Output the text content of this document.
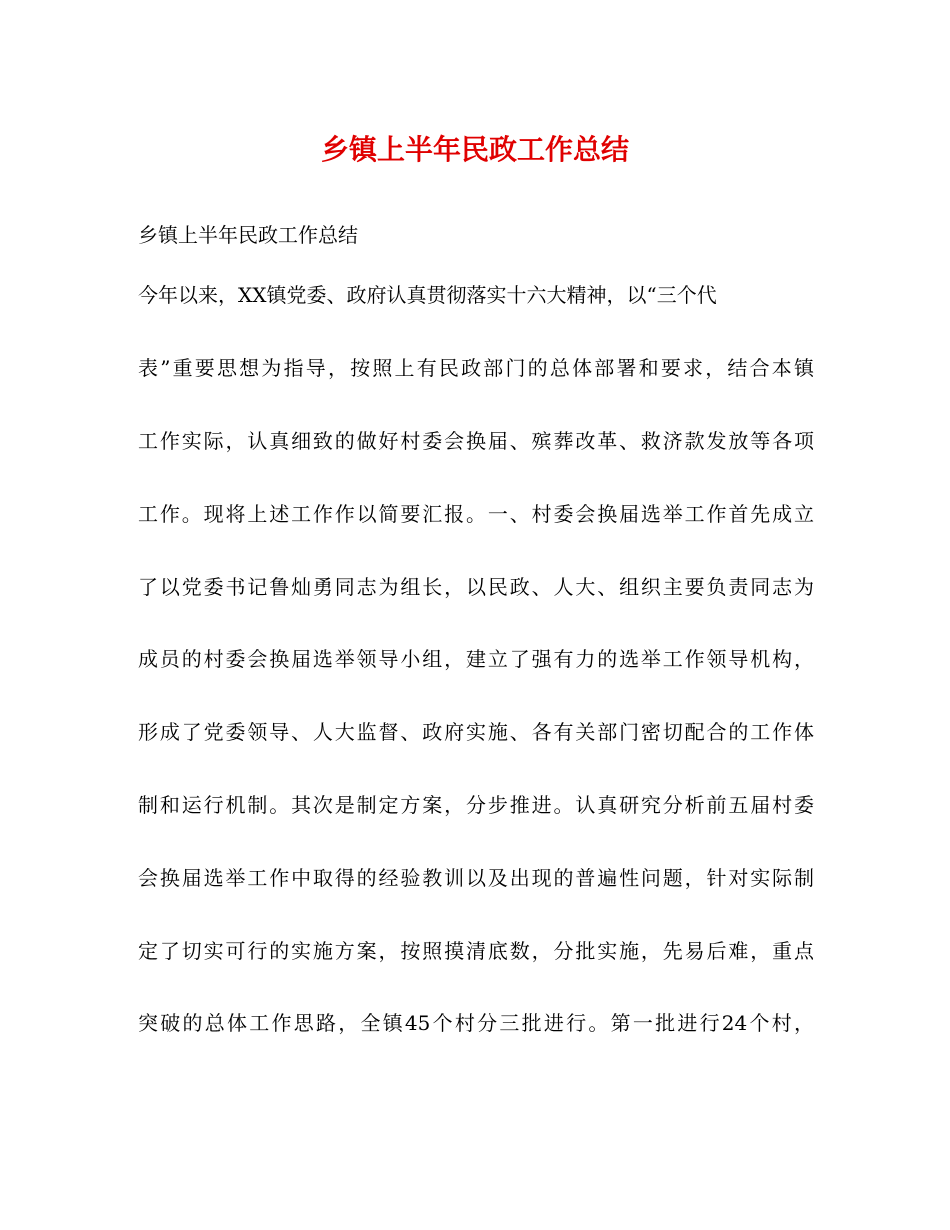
乡镇上半年民政工作总结
乡镇上半年民政工作总结
今年以来，XX镇党委、政府认真贯彻落实十六大精神，以“三个代
表”重要思想为指导，按照上有民政部门的总体部署和要求，结合本镇
工作实际，认真细致的做好村委会换届、殡葬改革、救济款发放等各项
工作。现将上述工作作以简要汇报。一、村委会换届选举工作首先成立
了以党委书记鲁灿勇同志为组长，以民政、人大、组织主要负责同志为
成员的村委会换届选举领导小组，建立了强有力的选举工作领导机构，
形成了党委领导、人大监督、政府实施、各有关部门密切配合的工作体
制和运行机制。其次是制定方案，分步推进。认真研究分析前五届村委
会换届选举工作中取得的经验教训以及出现的普遍性问题，针对实际制
定了切实可行的实施方案，按照摸清底数，分批实施，先易后难，重点
突破的总体工作思路，全镇45个村分三批进行。第一批进行24个村，
